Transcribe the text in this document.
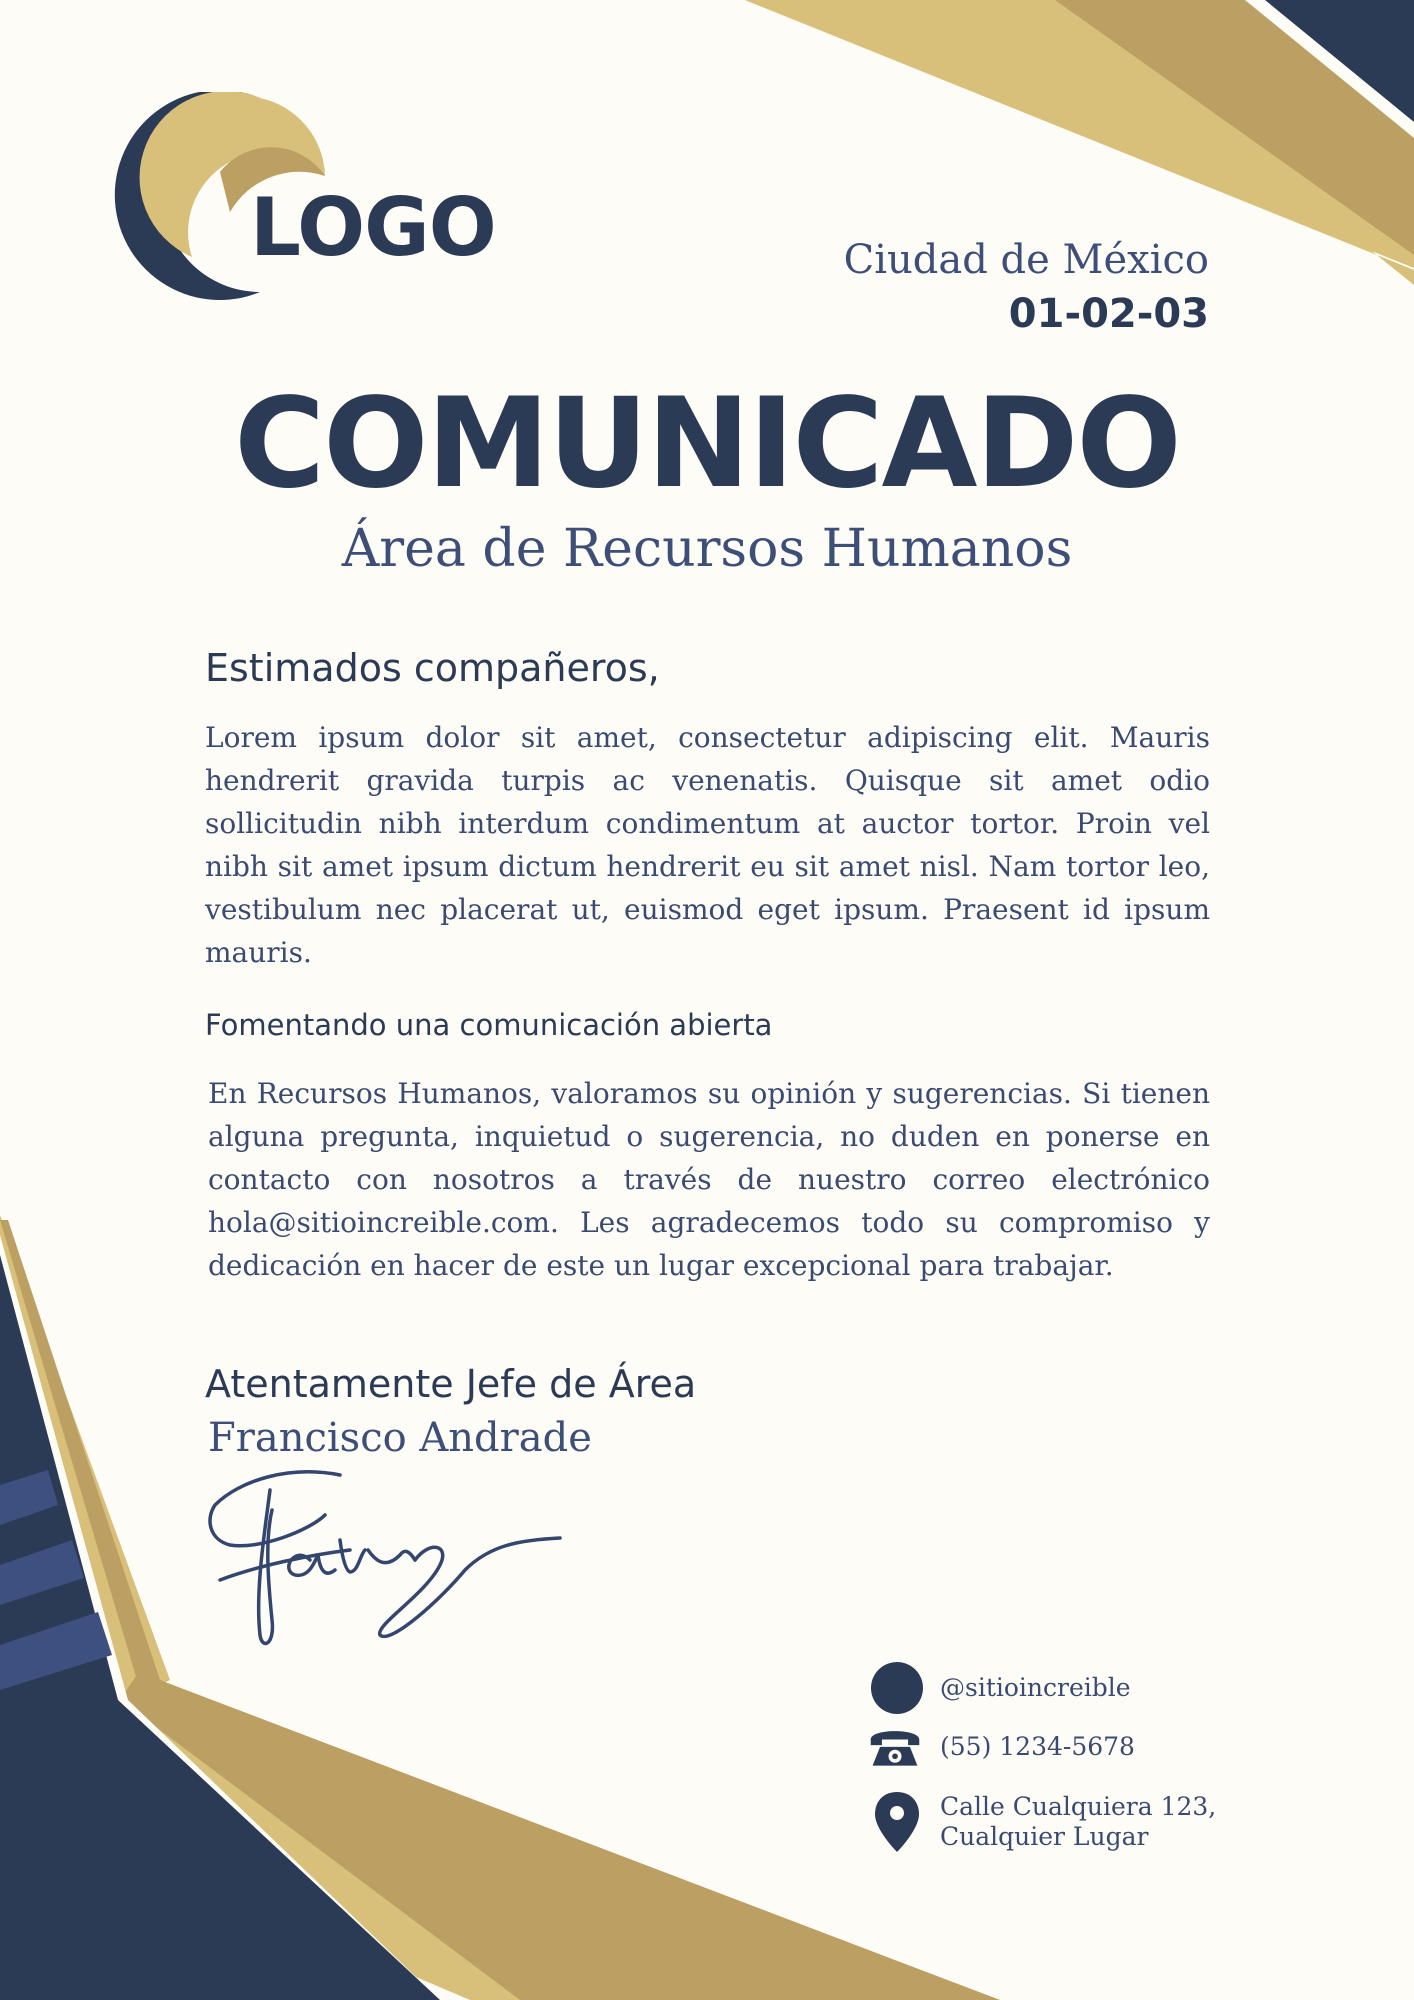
LOGO	Ciudad de México
01-02-03
COMUNICADO
Área de Recursos Humanos
Estimados compañeros,

Lorem ipsum dolor sit amet, consectetur adipiscing elit. Mauris hendrerit gravida turpis ac venenatis. Quisque sit amet odio sollicitudin nibh interdum condimentum at auctor tortor. Proin vel nibh sit amet ipsum dictum hendrerit eu sit amet nisl. Nam tortor leo, vestibulum nec placerat ut, euismod eget ipsum. Praesent id ipsum mauris.

Fomentando una comunicación abierta

En Recursos Humanos, valoramos su opinión y sugerencias. Si tienen alguna pregunta, inquietud o sugerencia, no duden en ponerse en contacto con nosotros a través de nuestro correo electrónico hola@sitioincreible.com. Les agradecemos todo su compromiso y dedicación en hacer de este un lugar excepcional para trabajar.

Atentamente Jefe de Área
Francisco Andrade
@sitioincreible
(55) 1234-5678
Calle Cualquiera 123,
Cualquier Lugar
